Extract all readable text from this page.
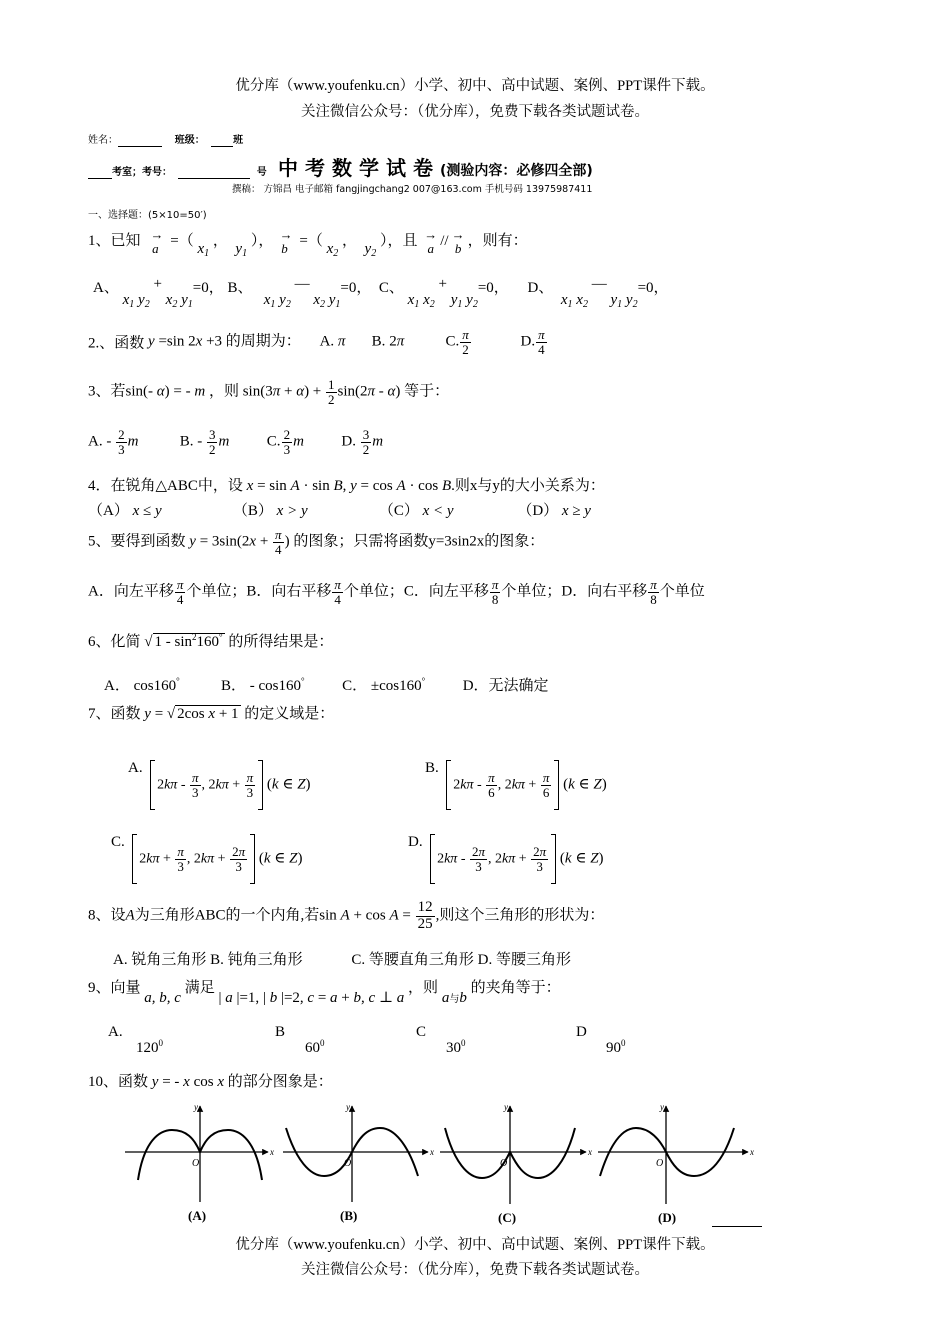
优分库（www.youfenku.cn）小学、初中、高中试题、案例、PPT课件下载。
关注微信公众号：（优分库），免费下载各类试题试卷。
姓名：	班级：	班
考室；考号：	号 中考数学试卷(测验内容：必修四全部)
撰稿： 方锦昌 电子邮箱 fangjingchang2 007@163.com 手机号码 13975987411
一、选择题：(5×10=50′)
1、已知 →
a =（ $x_1$ ，  $y_1$ ）， →
b =（ $x_2$ ，  $y_2$ ），且 →
a // →
b ，则有：
A、 $x_1$ $y_2 + x_2$ $y_1=0$， B、   $x_1$ $y_2$ — $x_2$ $y_1=0$， C、 $x_1$ $x_2 + y_1$ $y_2=0$， D、  $x_1$ $x_2$ — $y_1$ $y_2=0$，
2.、函数 y =sin 2x +3 的周期为： A. π B. 2π	C. $\frac{\pi}{2}$	D. $\frac{\pi}{4}$
3、若sin(- α) = - m ，则 $\sin(3\pi + \alpha) + \frac{1}{2} \sin(2\pi - \alpha)$ 等于：
A. - $\frac{2}{3}$ m	B. - $\frac{3}{2}$ m	C. $\frac{2}{3}$ m	D. $\frac{3}{2}$ m
4．在锐角△ABC中，设 x = sin A · sin B, y = cos A · cos B.则x与y的大小关系为：
（A） x ≤ y	（B） x > y	（C） x < y	（D） x ≥ y
5、要得到函数 $y = 3\sin(2x + \frac{\pi}{4}$ ) 的图象；只需将函数y=3sin2x的图象：
A．向左平移 $\frac{\pi}{4}$ 个单位；B．向右平移 $\frac{\pi}{4}$ 个单位；C．向左平移 $\frac{\pi}{8}$ 个单位；D．向右平移 $\frac{\pi}{8}$ 个单位
6、化简 √ $1 - \sin^2160^\circ$ 的所得结果是：
A． cos160°	B． - cos160°	C． ±cos160°	D．无法确定
7、函数 y = √ 2cos x + 1 的定义域是：
A.  $2k\pi - \frac{\pi}{3}$ , $2k\pi + \frac{\pi}{3} (k$ ∈ Z)
B.  $2k\pi - \frac{\pi}{6}$ , $2k\pi + \frac{\pi}{6} (k$ ∈ Z)
C.  $2k\pi + \frac{\pi}{3}$ , $2k\pi + \frac{2\pi}{3} (k$ ∈ Z)
D.  $2k\pi - \frac{2\pi}{3}$ , $2k\pi + \frac{2\pi}{3} (k$ ∈ Z)
8、设A为三角形ABC的一个内角,若$\sin A + \cos A = \frac{12}{25}$ ,则这个三角形的形状为：
A. 锐角三角形 B. 钝角三角形	C. 等腰直角三角形 D. 等腰三角形
9、向量 a, b, c 满足 | a |=1, | b |=2, c = a + b, c ⊥ a ，则 a与b 的夹角等于：
A.
$120^0$
B
$60^0$
C
$30^0$
D
$90^0$
10、函数 y = - x cos x 的部分图象是：
x
y
O
(A)
x
y
O
(B)
x
y
O
(C)
x
y
O
(D)
优分库（www.youfenku.cn）小学、初中、高中试题、案例、PPT课件下载。
关注微信公众号：（优分库），免费下载各类试题试卷。
